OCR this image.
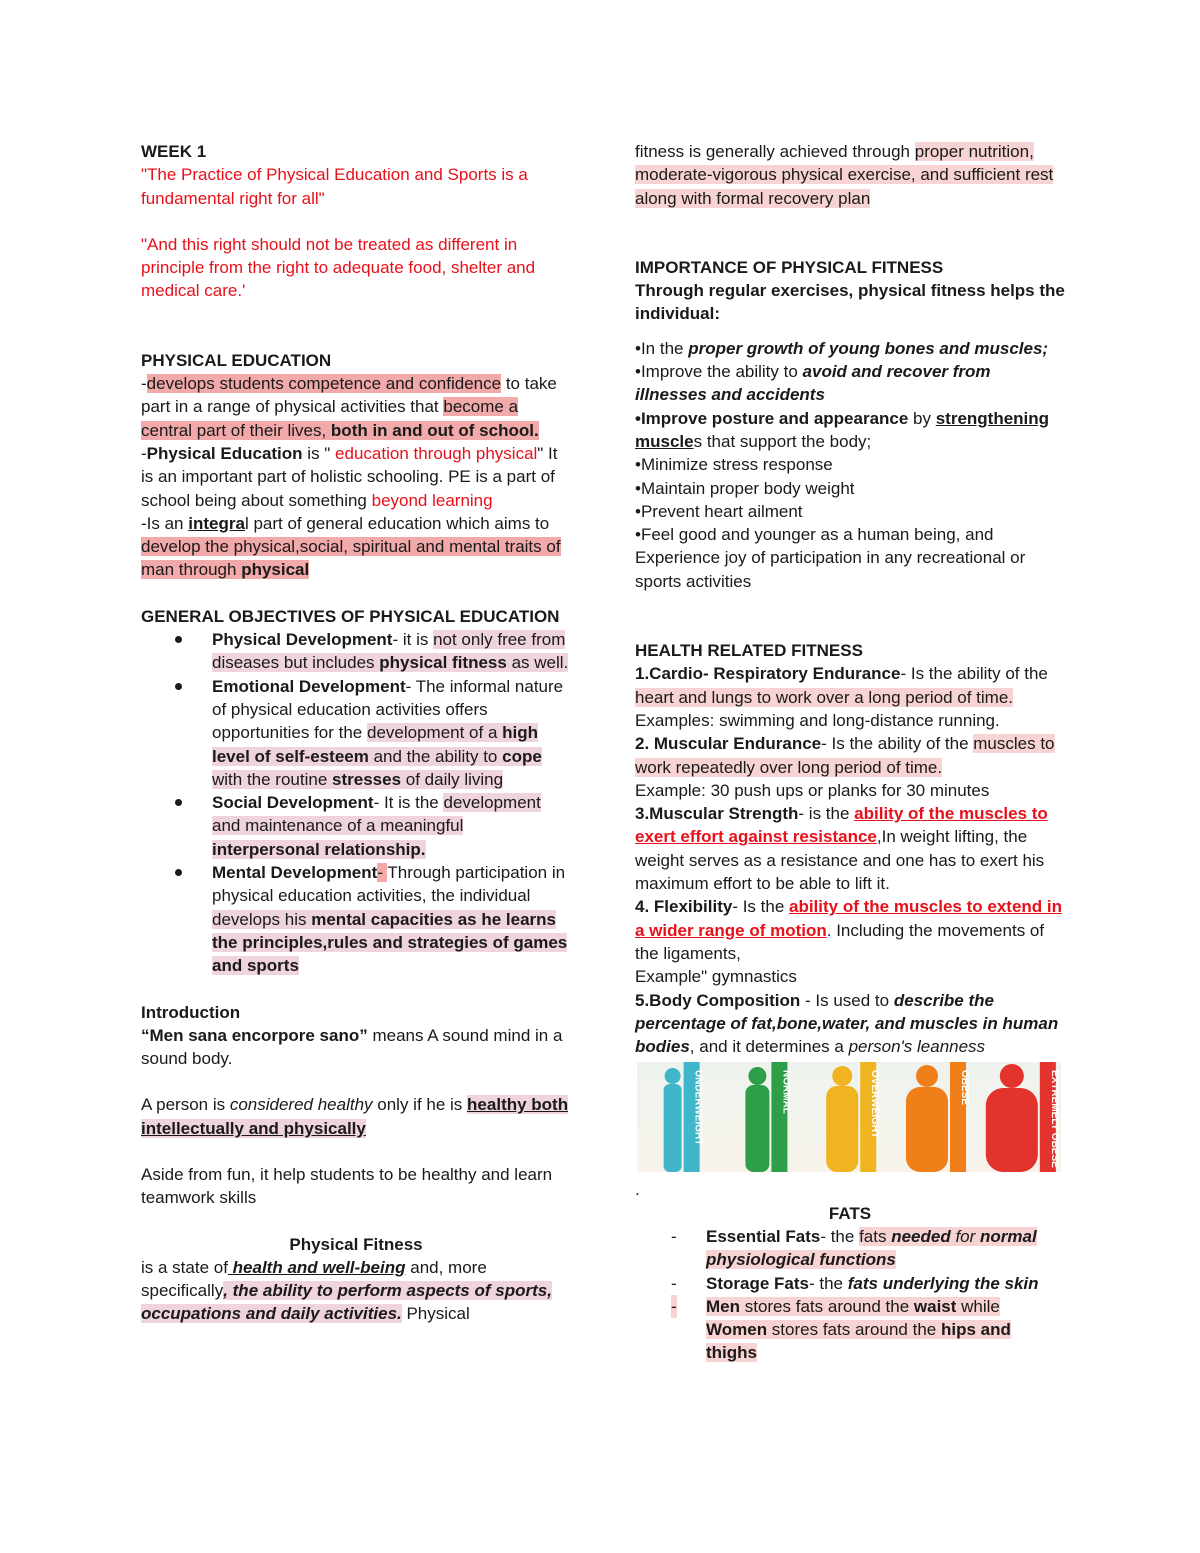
WEEK 1

"The Practice of Physical Education and Sports is a fundamental right for all"

"And this right should not be treated as different in principle from the right to adequate food, shelter and medical care.'

PHYSICAL EDUCATION

-develops students competence and confidence to take part in a range of physical activities that become a central part of their lives, both in and out of school.

-Physical Education is " education through physical" It is an important part of holistic schooling. PE is a part of school being about something beyond learning

-Is an integral part of general education which aims to develop the physical,social, spiritual and mental traits of man through physical

GENERAL OBJECTIVES OF PHYSICAL EDUCATION

Physical Development- it is not only free from diseases but includes physical fitness as well.
Emotional Development- The informal nature of physical education activities offers opportunities for the development of a high level of self-esteem and the ability to cope with the routine stresses of daily living
Social Development- It is the development and maintenance of a meaningful interpersonal relationship.
Mental Development- Through participation in physical education activities, the individual develops his mental capacities as he learns the principles,rules and strategies of games and sports

Introduction

“Men sana encorpore sano” means A sound mind in a sound body.

A person is considered healthy only if he is healthy both intellectually and physically

Aside from fun, it help students to be healthy and learn teamwork skills

Physical Fitness

is a state of health and well-being and, more specifically, the ability to perform aspects of sports, occupations and daily activities. Physical

fitness is generally achieved through proper nutrition, moderate-vigorous physical exercise, and sufficient rest along with formal recovery plan

IMPORTANCE OF PHYSICAL FITNESS

Through regular exercises, physical fitness helps the individual:

•In the proper growth of young bones and muscles;

•Improve the ability to avoid and recover from illnesses and accidents

•Improve posture and appearance by strengthening muscles that support the body;

•Minimize stress response

•Maintain proper body weight

•Prevent heart ailment

•Feel good and younger as a human being, and Experience joy of participation in any recreational or sports activities

HEALTH RELATED FITNESS

1.Cardio- Respiratory Endurance- Is the ability of the heart and lungs to work over a long period of time.
Examples: swimming and long-distance running.

2. Muscular Endurance- Is the ability of the muscles to work repeatedly over long period of time.
Example: 30 push ups or planks for 30 minutes

3.Muscular Strength- is the ability of the muscles to exert effort against resistance,In weight lifting, the weight serves as a resistance and one has to exert his maximum effort to be able to lift it.

4. Flexibility- Is the ability of the muscles to extend in a wider range of motion. Including the movements of the ligaments,
Example" gymnastics

5.Body Composition - Is used to describe the percentage of fat,bone,water, and muscles in human bodies, and it determines a person's leanness

UNDERWEIGHT	NORMAL	OVERWEIGHT	OBESE	EXTREMELY OBESE

.

FATS

- Essential Fats- the fats needed for normal physiological functions
- Storage Fats- the fats underlying the skin
- Men stores fats around the waist while Women stores fats around the hips and thighs
